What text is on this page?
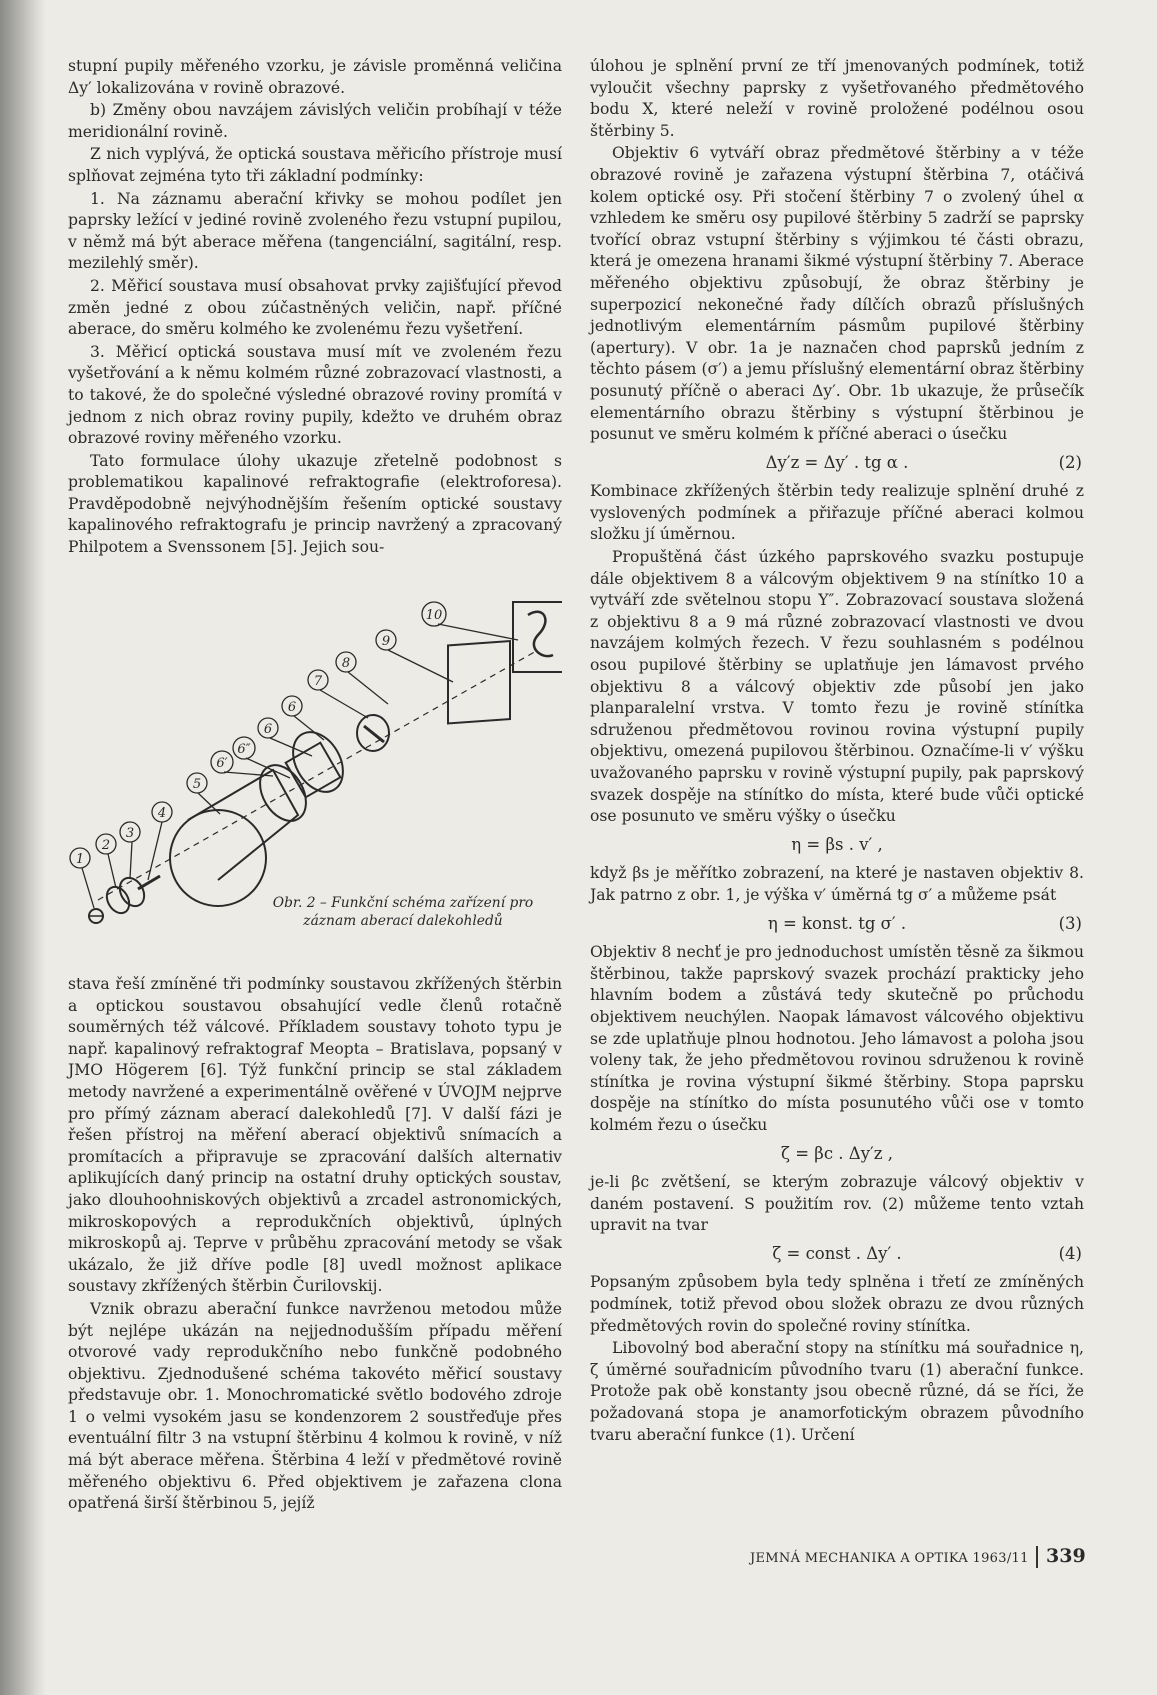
stupní pupily měřeného vzorku, je závisle proměnná veličina Δy′ lokalizována v rovině obrazové.

b) Změny obou navzájem závislých veličin probíhají v téže meridionální rovině.

Z nich vyplývá, že optická soustava měřicího přístroje musí splňovat zejména tyto tři základní podmínky:

1. Na záznamu aberační křivky se mohou podílet jen paprsky ležící v jediné rovině zvoleného řezu vstupní pupilou, v němž má být aberace měřena (tangenciální, sagitální, resp. mezilehlý směr).

2. Měřicí soustava musí obsahovat prvky zajišťující převod změn jedné z obou zúčastněných veličin, např. příčné aberace, do směru kolmého ke zvolenému řezu vyšetření.

3. Měřicí optická soustava musí mít ve zvoleném řezu vyšetřování a k němu kolmém různé zobrazovací vlastnosti, a to takové, že do společné výsledné obrazové roviny promítá v jednom z nich obraz roviny pupily, kdežto ve druhém obraz obrazové roviny měřeného vzorku.

Tato formulace úlohy ukazuje zřetelně podobnost s problematikou kapalinové refraktografie (elektroforesa). Pravděpodobně nejvýhodnějším řešením optické soustavy kapalinového refraktografu je princip navržený a zpracovaný Philpotem a Svenssonem [5]. Jejich sou-

1
2
3
4
5
6′
6″
6
6
7
8
9
10
Obr. 2 – Funkční schéma zařízení pro záznam aberací dalekohledů

stava řeší zmíněné tři podmínky soustavou zkřížených štěrbin a optickou soustavou obsahující vedle členů rotačně souměrných též válcové. Příkladem soustavy tohoto typu je např. kapalinový refraktograf Meopta – Bratislava, popsaný v JMO Högerem [6]. Týž funkční princip se stal základem metody navržené a experimentálně ověřené v ÚVOJM nejprve pro přímý záznam aberací dalekohledů [7]. V další fázi je řešen přístroj na měření aberací objektivů snímacích a promítacích a připravuje se zpracování dalších alternativ aplikujících daný princip na ostatní druhy optických soustav, jako dlouhoohniskových objektivů a zrcadel astronomických, mikroskopových a reprodukčních objektivů, úplných mikroskopů aj. Teprve v průběhu zpracování metody se však ukázalo, že již dříve podle [8] uvedl možnost aplikace soustavy zkřížených štěrbin Čurilovskij.

Vznik obrazu aberační funkce navrženou metodou může být nejlépe ukázán na nejjednodušším případu měření otvorové vady reprodukčního nebo funkčně podobného objektivu. Zjednodušené schéma takovéto měřicí soustavy představuje obr. 1. Monochromatické světlo bodového zdroje 1 o velmi vysokém jasu se kondenzorem 2 soustřeďuje přes eventuální filtr 3 na vstupní štěrbinu 4 kolmou k rovině, v níž má být aberace měřena. Štěrbina 4 leží v předmětové rovině měřeného objektivu 6. Před objektivem je zařazena clona opatřená širší štěrbinou 5, jejíž

úlohou je splnění první ze tří jmenovaných podmínek, totiž vyloučit všechny paprsky z vyšetřovaného předmětového bodu X, které neleží v rovině proložené podélnou osou štěrbiny 5.

Objektiv 6 vytváří obraz předmětové štěrbiny a v téže obrazové rovině je zařazena výstupní štěrbina 7, otáčivá kolem optické osy. Při stočení štěrbiny 7 o zvolený úhel α vzhledem ke směru osy pupilové štěrbiny 5 zadrží se paprsky tvořící obraz vstupní štěrbiny s výjimkou té části obrazu, která je omezena hranami šikmé výstupní štěrbiny 7. Aberace měřeného objektivu způsobují, že obraz štěrbiny je superpozicí nekonečné řady dílčích obrazů příslušných jednotlivým elementárním pásmům pupilové štěrbiny (apertury). V obr. 1a je naznačen chod paprsků jedním z těchto pásem (σ′) a jemu příslušný elementární obraz štěrbiny posunutý příčně o aberaci Δy′. Obr. 1b ukazuje, že průsečík elementárního obrazu štěrbiny s výstupní štěrbinou je posunut ve směru kolmém k příčné aberaci o úsečku

Δy′z = Δy′ . tg α .	(2)

Kombinace zkřížených štěrbin tedy realizuje splnění druhé z vyslovených podmínek a přiřazuje příčné aberaci kolmou složku jí úměrnou.

Propuštěná část úzkého paprskového svazku postupuje dále objektivem 8 a válcovým objektivem 9 na stínítko 10 a vytváří zde světelnou stopu Y″. Zobrazovací soustava složená z objektivu 8 a 9 má různé zobrazovací vlastnosti ve dvou navzájem kolmých řezech. V řezu souhlasném s podélnou osou pupilové štěrbiny se uplatňuje jen lámavost prvého objektivu 8 a válcový objektiv zde působí jen jako planparalelní vrstva. V tomto řezu je rovině stínítka sdruženou předmětovou rovinou rovina výstupní pupily objektivu, omezená pupilovou štěrbinou. Označíme-li v′ výšku uvažovaného paprsku v rovině výstupní pupily, pak paprskový svazek dospěje na stínítko do místa, které bude vůči optické ose posunuto ve směru výšky o úsečku

η = βs . v′ ,

když βs je měřítko zobrazení, na které je nastaven objektiv 8. Jak patrno z obr. 1, je výška v′ úměrná tg σ′ a můžeme psát

η = konst. tg σ′ .	(3)

Objektiv 8 nechť je pro jednoduchost umístěn těsně za šikmou štěrbinou, takže paprskový svazek prochází prakticky jeho hlavním bodem a zůstává tedy skutečně po průchodu objektivem neuchýlen. Naopak lámavost válcového objektivu se zde uplatňuje plnou hodnotou. Jeho lámavost a poloha jsou voleny tak, že jeho předmětovou rovinou sdruženou k rovině stínítka je rovina výstupní šikmé štěrbiny. Stopa paprsku dospěje na stínítko do místa posunutého vůči ose v tomto kolmém řezu o úsečku

ζ = βc . Δy′z ,

je-li βc zvětšení, se kterým zobrazuje válcový objektiv v daném postavení. S použitím rov. (2) můžeme tento vztah upravit na tvar

ζ = const . Δy′ .	(4)

Popsaným způsobem byla tedy splněna i třetí ze zmíněných podmínek, totiž převod obou složek obrazu ze dvou různých předmětových rovin do společné roviny stínítka.

Libovolný bod aberační stopy na stínítku má souřadnice η, ζ úměrné souřadnicím původního tvaru (1) aberační funkce. Protože pak obě konstanty jsou obecně různé, dá se říci, že požadovaná stopa je anamorfotickým obrazem původního tvaru aberační funkce (1). Určení

JEMNÁ MECHANIKA A OPTIKA 1963/11 339
